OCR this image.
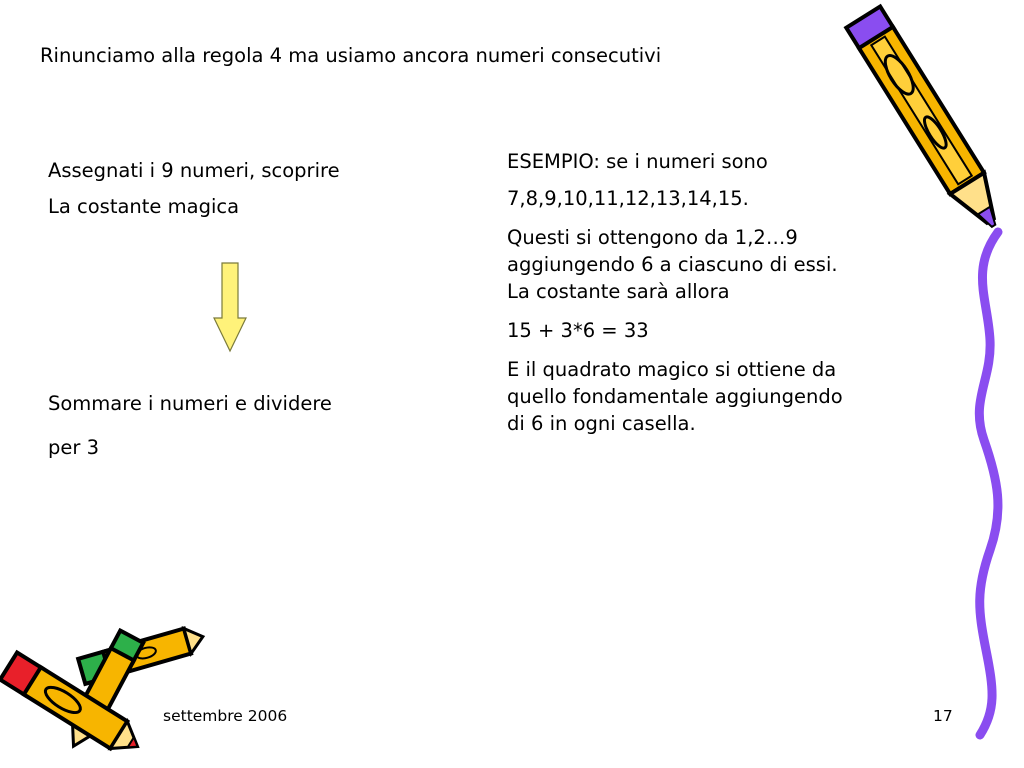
Rinunciamo alla regola 4 ma usiamo ancora numeri consecutivi

Assegnati i 9 numeri, scoprire

La costante magica

Sommare i numeri e dividere

per 3

ESEMPIO: se i numeri sono

7,8,9,10,11,12,13,14,15.

Questi si ottengono da 1,2…9
aggiungendo 6 a ciascuno di essi.
La costante sarà allora

15 + 3*6 = 33

E il quadrato magico si ottiene da
quello fondamentale aggiungendo
di 6 in ogni casella.

settembre 2006	17
